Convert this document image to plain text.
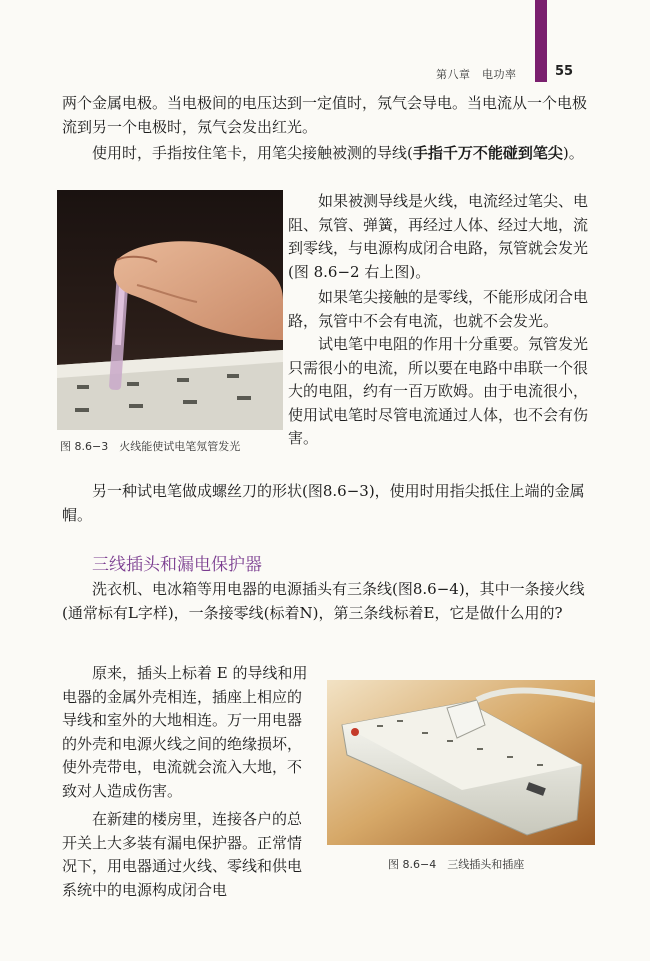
第八章　电功率	55

两个金属电极。当电极间的电压达到一定值时，氖气会导电。当电流从一个电极流到另一个电极时，氖气会发出红光。

使用时，手指按住笔卡，用笔尖接触被测的导线(手指千万不能碰到笔尖)。

图 8.6−3　火线能使试电笔氖管发光

如果被测导线是火线，电流经过笔尖、电阻、氖管、弹簧，再经过人体、经过大地，流到零线，与电源构成闭合电路，氖管就会发光(图 8.6−2 右上图)。

如果笔尖接触的是零线，不能形成闭合电路，氖管中不会有电流，也就不会发光。

试电笔中电阻的作用十分重要。氖管发光只需很小的电流，所以要在电路中串联一个很大的电阻，约有一百万欧姆。由于电流很小，使用试电笔时尽管电流通过人体，也不会有伤害。

另一种试电笔做成螺丝刀的形状(图8.6−3)，使用时用指尖抵住上端的金属帽。

三线插头和漏电保护器

洗衣机、电冰箱等用电器的电源插头有三条线(图8.6−4)，其中一条接火线(通常标有L字样)，一条接零线(标着N)，第三条线标着E，它是做什么用的?

原来，插头上标着 E 的导线和用电器的金属外壳相连，插座上相应的导线和室外的大地相连。万一用电器的外壳和电源火线之间的绝缘损坏，使外壳带电，电流就会流入大地，不致对人造成伤害。

在新建的楼房里，连接各户的总开关上大多装有漏电保护器。正常情况下，用电器通过火线、零线和供电系统中的电源构成闭合电

图 8.6−4　三线插头和插座
